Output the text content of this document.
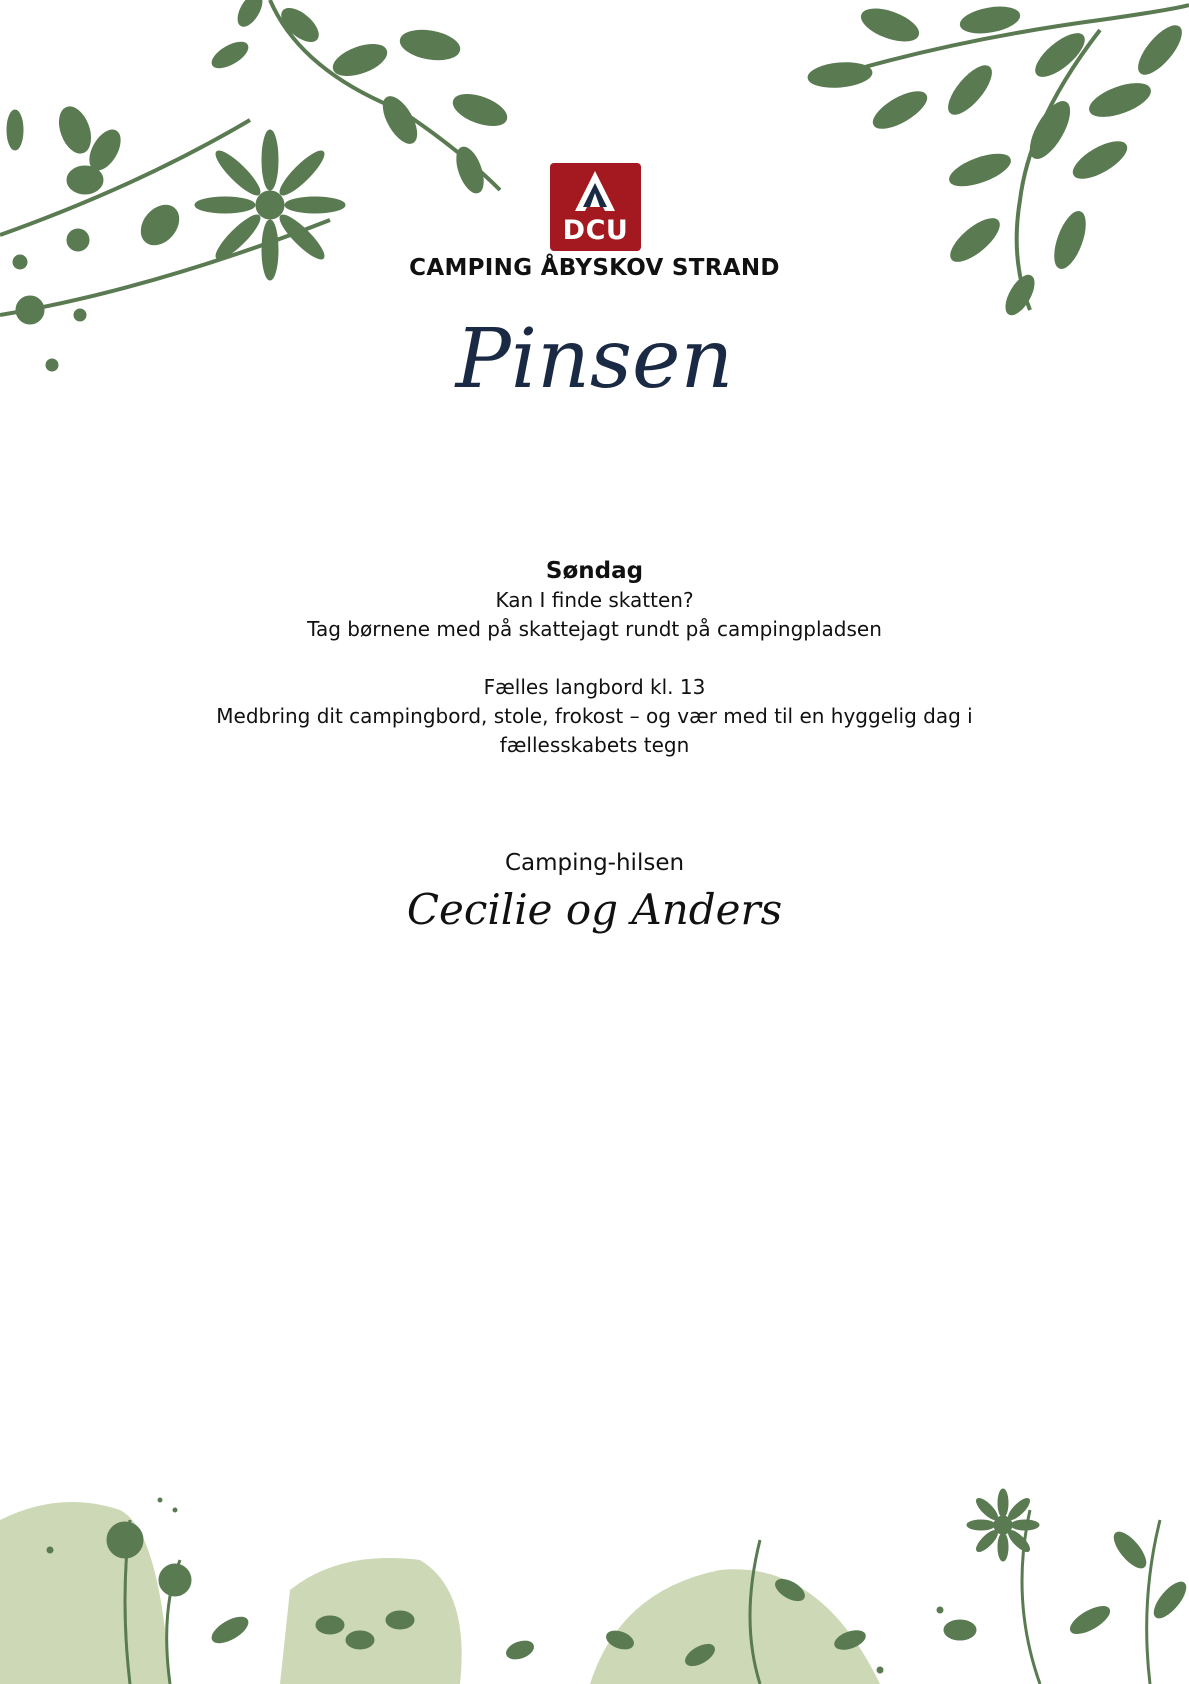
DCU
CAMPING ÅBYSKOV STRAND
Pinsen
Søndag
Kan I finde skatten?
Tag børnene med på skattejagt rundt på campingpladsen
Fælles langbord kl. 13
Medbring dit campingbord, stole, frokost – og vær med til en hyggelig dag i
fællesskabets tegn
Camping-hilsen
Cecilie og Anders
